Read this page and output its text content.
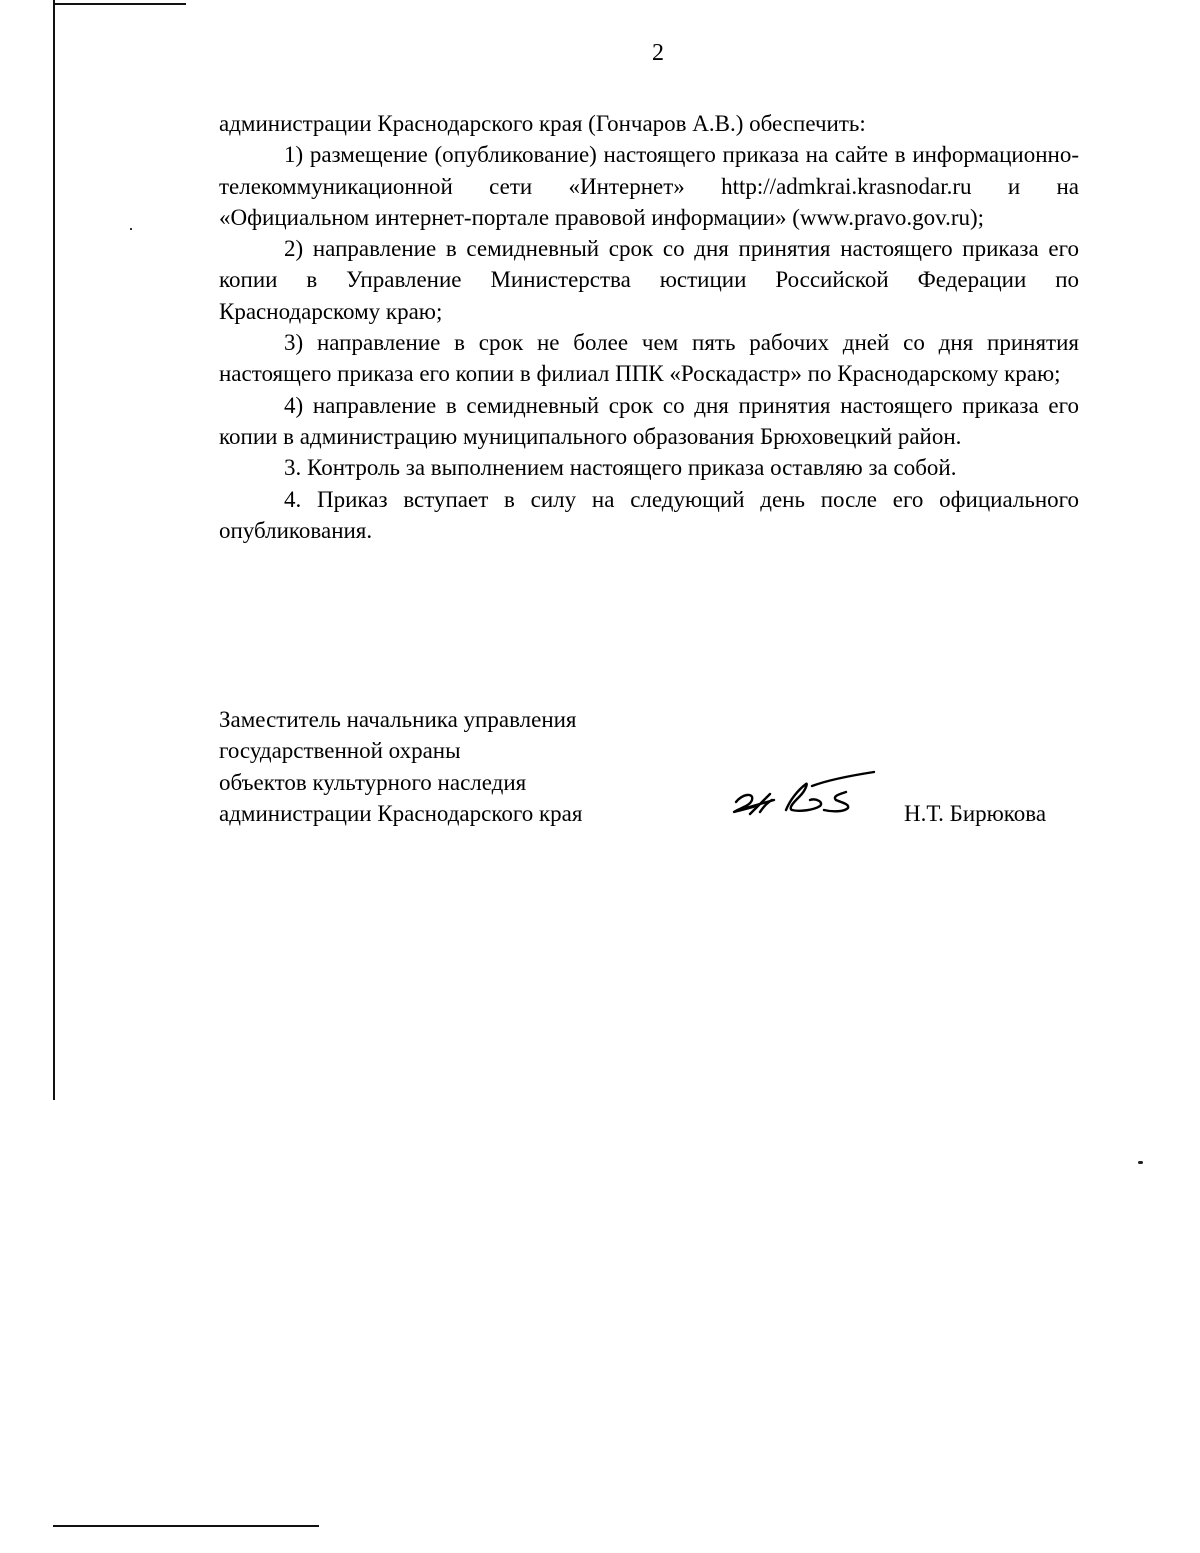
2

администрации Краснодарского края (Гончаров А.В.) обеспечить:

1) размещение (опубликование) настоящего приказа на сайте в информационно-телекоммуникационной сети «Интернет» http://admkrai.krasnodar.ru и на «Официальном интернет-портале правовой информации» (www.pravo.gov.ru);

2) направление в семидневный срок со дня принятия настоящего приказа его копии в Управление Министерства юстиции Российской Федерации по Краснодарскому краю;

3) направление в срок не более чем пять рабочих дней со дня принятия настоящего приказа его копии в филиал ППК «Роскадастр» по Краснодарскому краю;

4) направление в семидневный срок со дня принятия настоящего приказа его копии в администрацию муниципального образования Брюховецкий район.

3. Контроль за выполнением настоящего приказа оставляю за собой.

4. Приказ вступает в силу на следующий день после его официального опубликования.

Заместитель начальника управления
государственной охраны
объектов культурного наследия
администрации Краснодарского края	Н.Т. Бирюкова
